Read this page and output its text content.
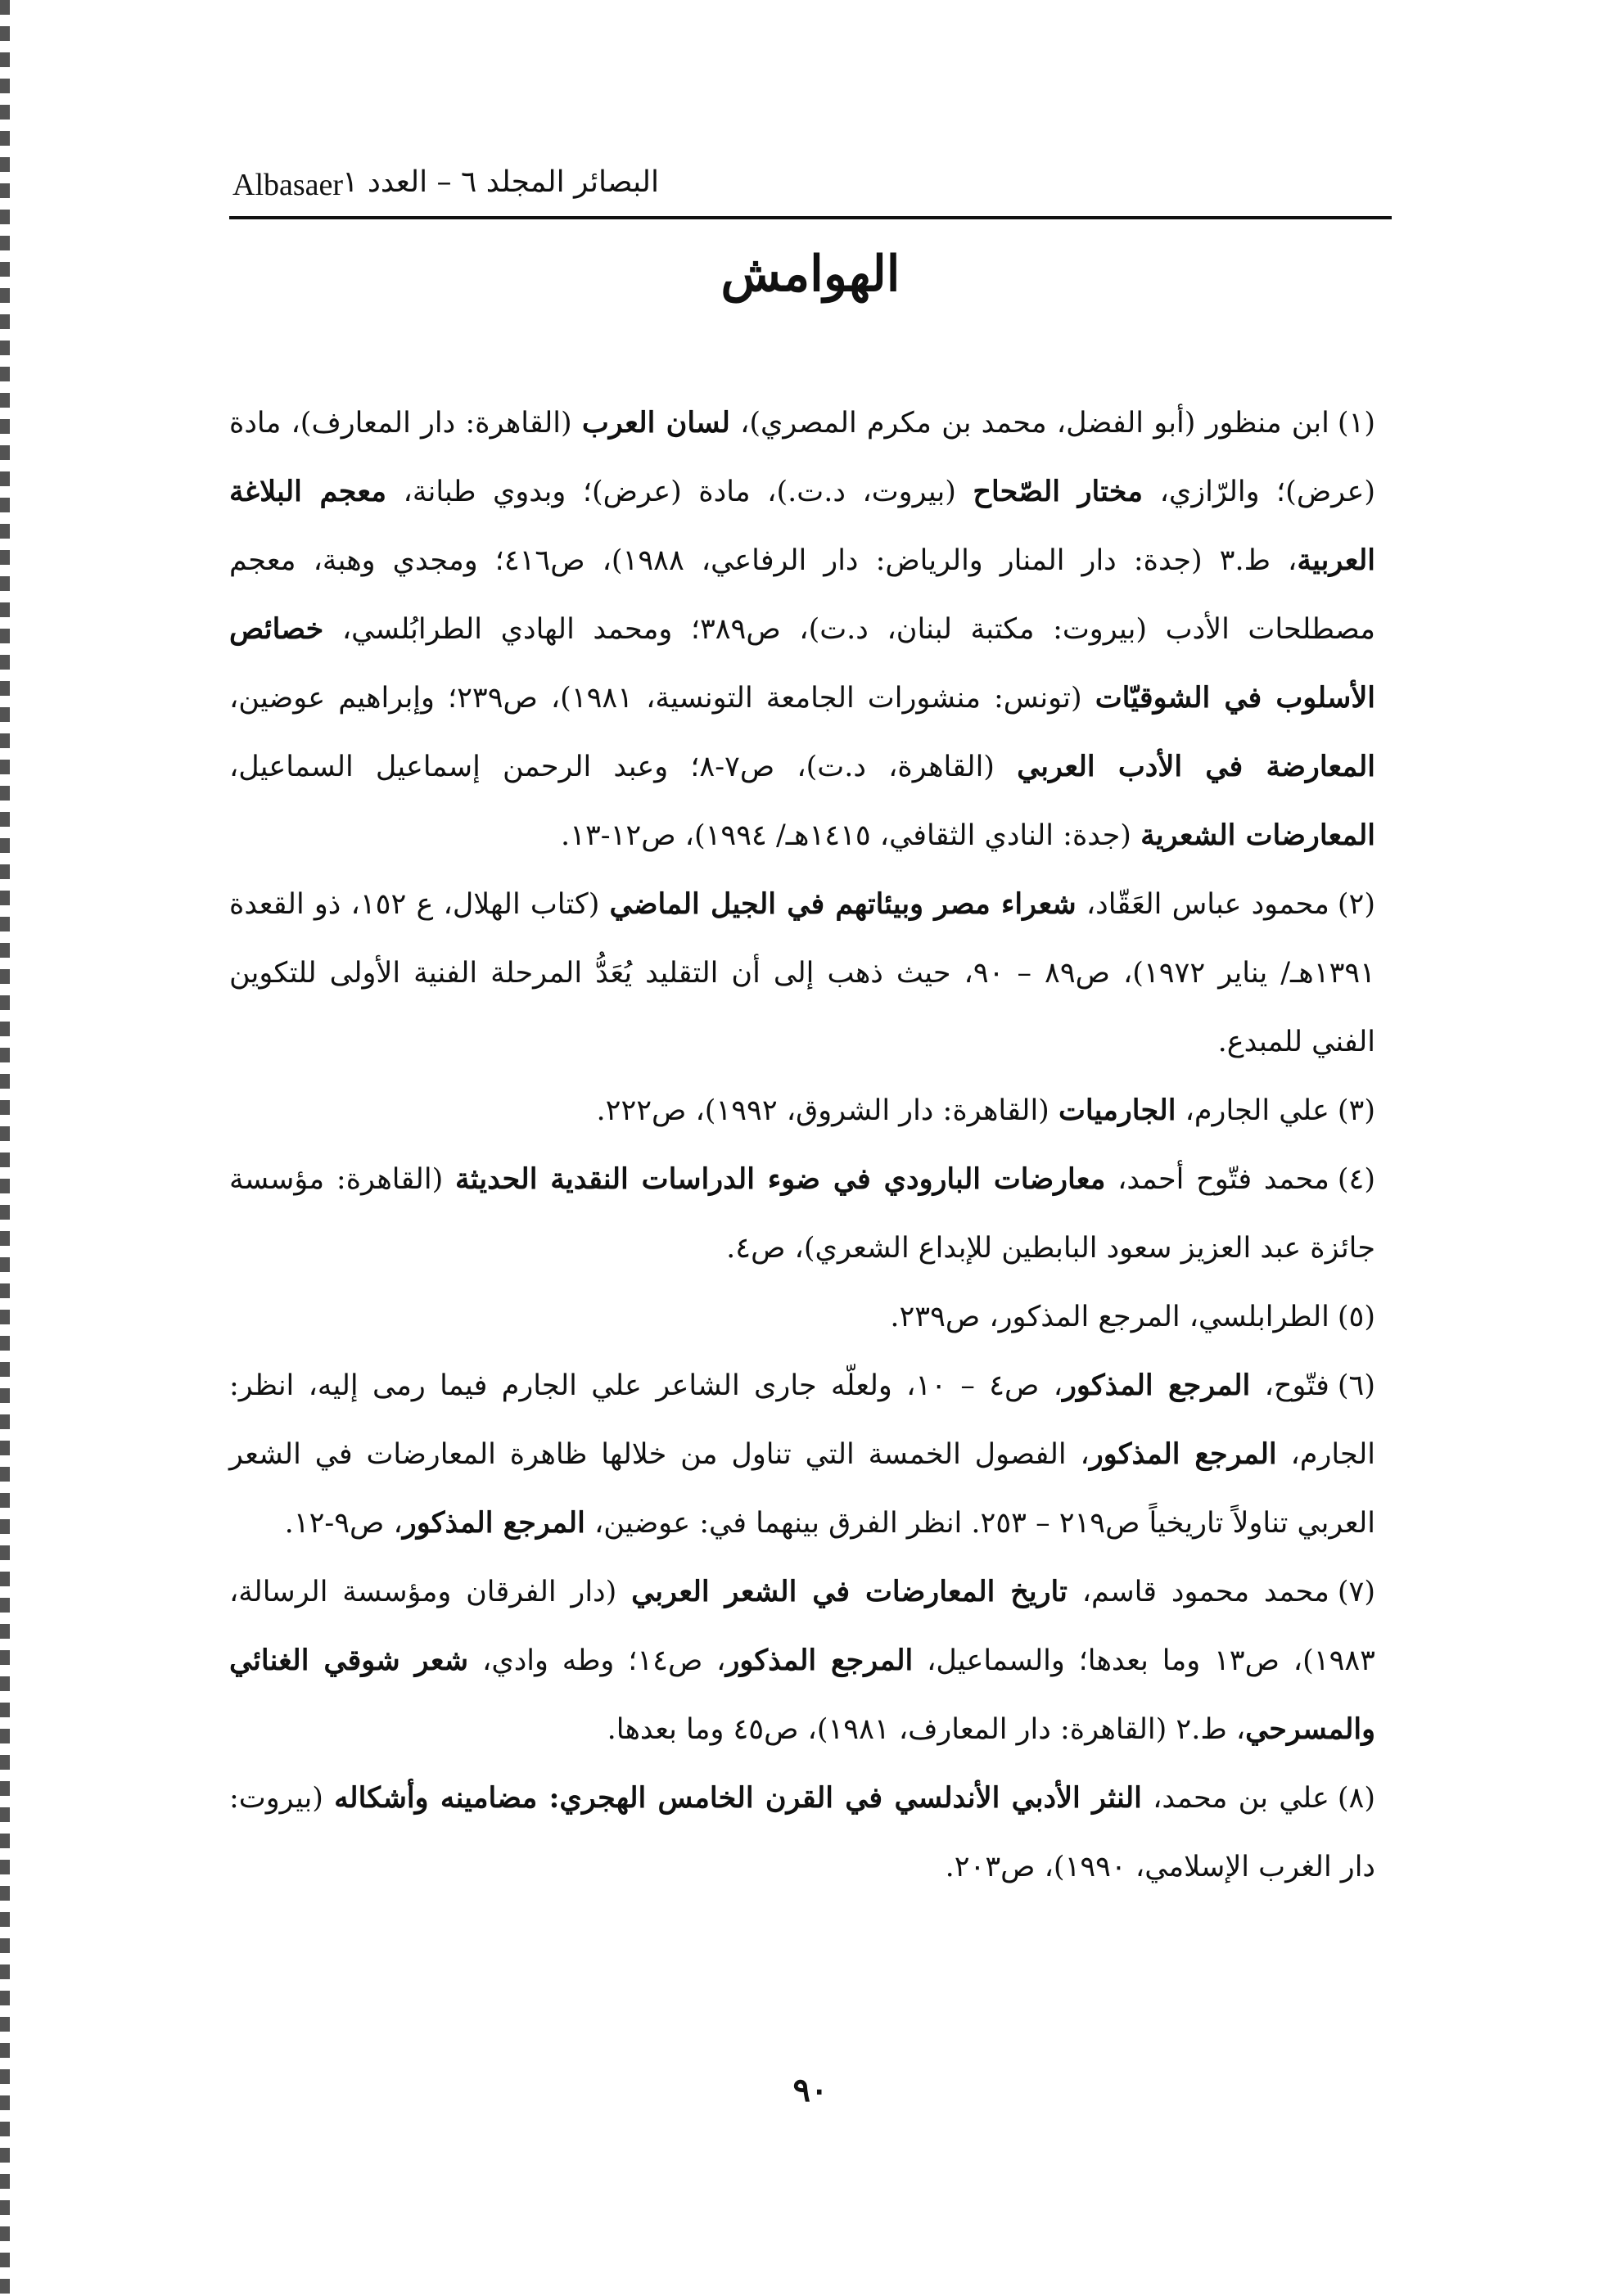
Albasaer البصائر المجلد ٦ – العدد ١
الهوامش
(١)ابن منظور (أبو الفضل، محمد بن مكرم المصري)، لسان العرب (القاهرة: دار المعارف)، مادة (عرض)؛ والرّازي، مختار الصّحاح (بيروت، د.ت.)، مادة (عرض)؛ وبدوي طبانة، معجم البلاغة العربية، ط.٣ (جدة: دار المنار والرياض: دار الرفاعي، ١٩٨٨)، ص٤١٦؛ ومجدي وهبة، معجم مصطلحات الأدب (بيروت: مكتبة لبنان، د.ت)، ص٣٨٩؛ ومحمد الهادي الطرابُلسي، خصائص الأسلوب في الشوقيّات (تونس: منشورات الجامعة التونسية، ١٩٨١)، ص٢٣٩؛ وإبراهيم عوضين، المعارضة في الأدب العربي (القاهرة، د.ت)، ص٧-٨؛ وعبد الرحمن إسماعيل السماعيل، المعارضات الشعرية (جدة: النادي الثقافي، ١٤١٥هـ/ ١٩٩٤)، ص١٢-١٣.
(٢)محمود عباس العَقّاد، شعراء مصر وبيئاتهم في الجيل الماضي (كتاب الهلال، ع ١٥٢، ذو القعدة ١٣٩١هـ/ يناير ١٩٧٢)، ص٨٩ – ٩٠، حيث ذهب إلى أن التقليد يُعَدُّ المرحلة الفنية الأولى للتكوين الفني للمبدع.
(٣)علي الجارم، الجارميات (القاهرة: دار الشروق، ١٩٩٢)، ص٢٢٢.
(٤)محمد فتّوح أحمد، معارضات البارودي في ضوء الدراسات النقدية الحديثة (القاهرة: مؤسسة جائزة عبد العزيز سعود البابطين للإبداع الشعري)، ص٤.
(٥)الطرابلسي، المرجع المذكور، ص٢٣٩.
(٦)فتّوح، المرجع المذكور، ص٤ – ١٠، ولعلّه جارى الشاعر علي الجارم فيما رمى إليه، انظر: الجارم، المرجع المذكور، الفصول الخمسة التي تناول من خلالها ظاهرة المعارضات في الشعر العربي تناولاً تاريخياً ص٢١٩ – ٢٥٣. انظر الفرق بينهما في: عوضين، المرجع المذكور، ص٩-١٢.
(٧)محمد محمود قاسم، تاريخ المعارضات في الشعر العربي (دار الفرقان ومؤسسة الرسالة، ١٩٨٣)، ص١٣ وما بعدها؛ والسماعيل، المرجع المذكور، ص١٤؛ وطه وادي، شعر شوقي الغنائي والمسرحي، ط.٢ (القاهرة: دار المعارف، ١٩٨١)، ص٤٥ وما بعدها.
(٨)علي بن محمد، النثر الأدبي الأندلسي في القرن الخامس الهجري: مضامينه وأشكاله (بيروت: دار الغرب الإسلامي، ١٩٩٠)، ص٢٠٣.
٩٠
